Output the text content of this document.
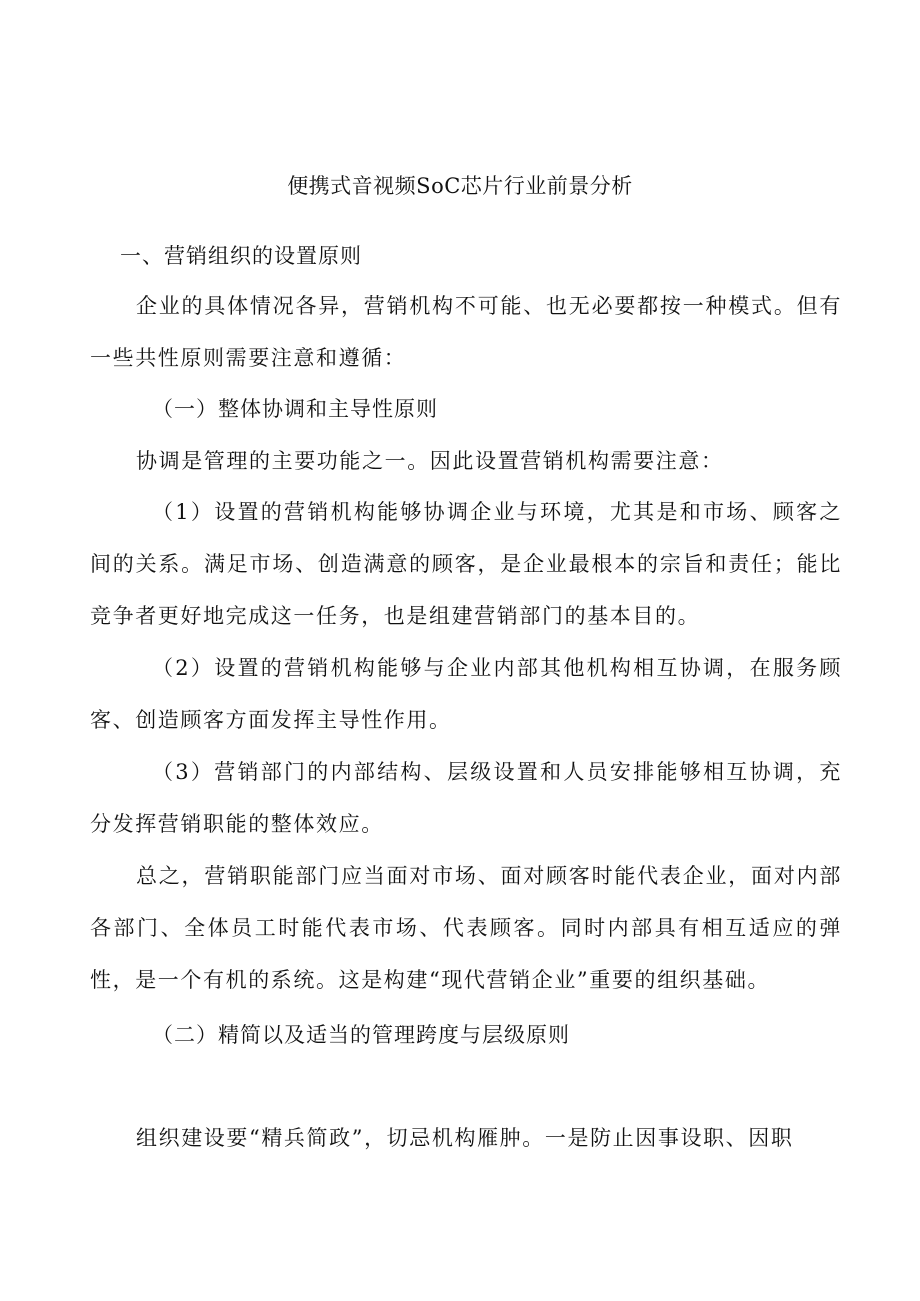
便携式音视频SoC芯片行业前景分析
一、营销组织的设置原则

企业的具体情况各异，营销机构不可能、也无必要都按一种模式。但有一些共性原则需要注意和遵循：

（一）整体协调和主导性原则

协调是管理的主要功能之一。因此设置营销机构需要注意：

（1）设置的营销机构能够协调企业与环境，尤其是和市场、顾客之间的关系。满足市场、创造满意的顾客，是企业最根本的宗旨和责任；能比竞争者更好地完成这一任务，也是组建营销部门的基本目的。

（2）设置的营销机构能够与企业内部其他机构相互协调，在服务顾客、创造顾客方面发挥主导性作用。

（3）营销部门的内部结构、层级设置和人员安排能够相互协调，充分发挥营销职能的整体效应。

总之，营销职能部门应当面对市场、面对顾客时能代表企业，面对内部各部门、全体员工时能代表市场、代表顾客。同时内部具有相互适应的弹性，是一个有机的系统。这是构建“现代营销企业”重要的组织基础。

（二）精简以及适当的管理跨度与层级原则

组织建设要“精兵简政”，切忌机构雁肿。一是防止因事设职、因职
